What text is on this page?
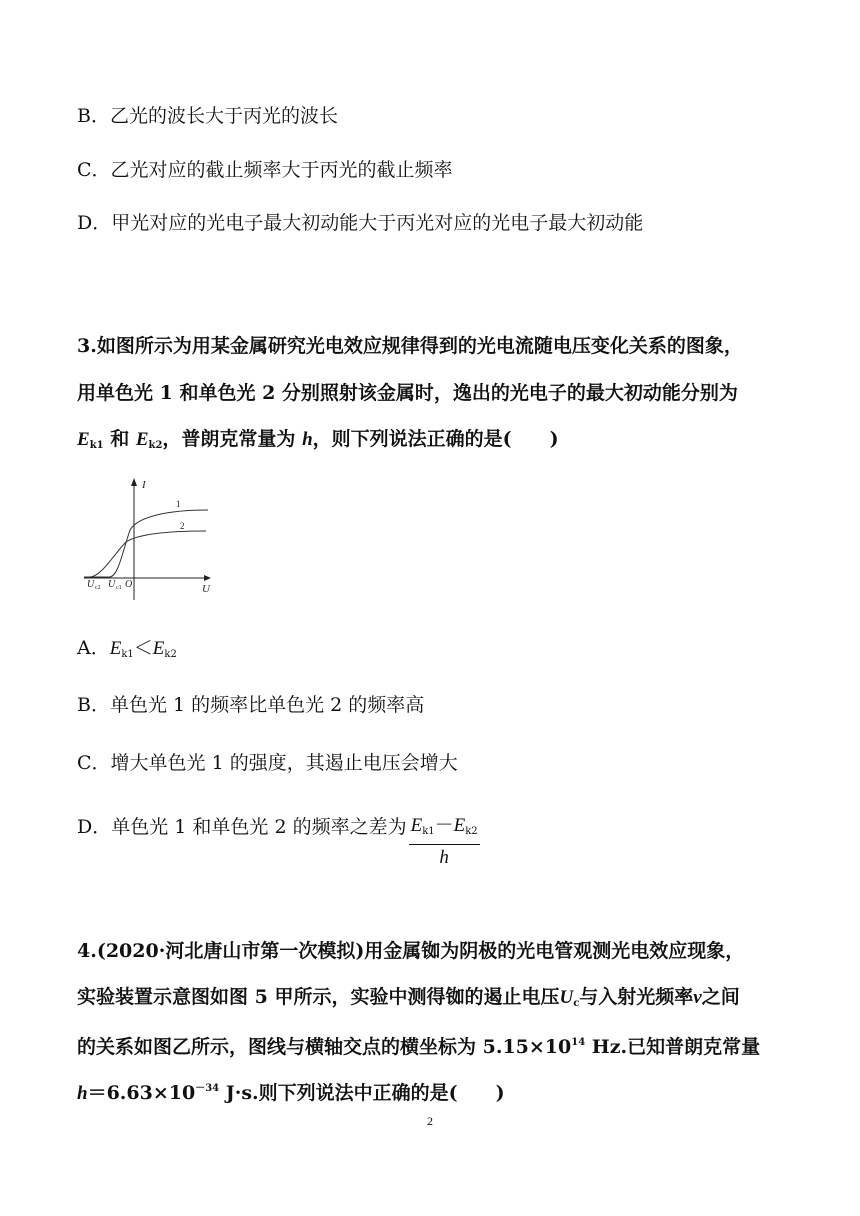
B．乙光的波长大于丙光的波长
C．乙光对应的截止频率大于丙光的截止频率
D．甲光对应的光电子最大初动能大于丙光对应的光电子最大初动能
3.如图所示为用某金属研究光电效应规律得到的光电流随电压变化关系的图象，
用单色光 1 和单色光 2 分别照射该金属时，逸出的光电子的最大初动能分别为
$E_{k1}$ 和 $E_{k2}$，普朗克常量为 h，则下列说法正确的是(　　)
I
U
O
1
2
U c2 U c1
A．$E_{k1}<E_{k2}$
B．单色光 1 的频率比单色光 2 的频率高
C．增大单色光 1 的强度，其遏止电压会增大
D．单色光 1 和单色光 2 的频率之差为 $\frac{E_{k1}-E_{k2}}{h}$
4.(2020·河北唐山市第一次模拟)用金属铷为阴极的光电管观测光电效应现象，
实验装置示意图如图 5 甲所示，实验中测得铷的遏止电压$U_c$与入射光频率ν之间
的关系如图乙所示，图线与横轴交点的横坐标为 $5.15\times 10^{14}$ Hz.已知普朗克常量
$h=6.63\times 10^{-34}$ J·s.则下列说法中正确的是(　　)
2
